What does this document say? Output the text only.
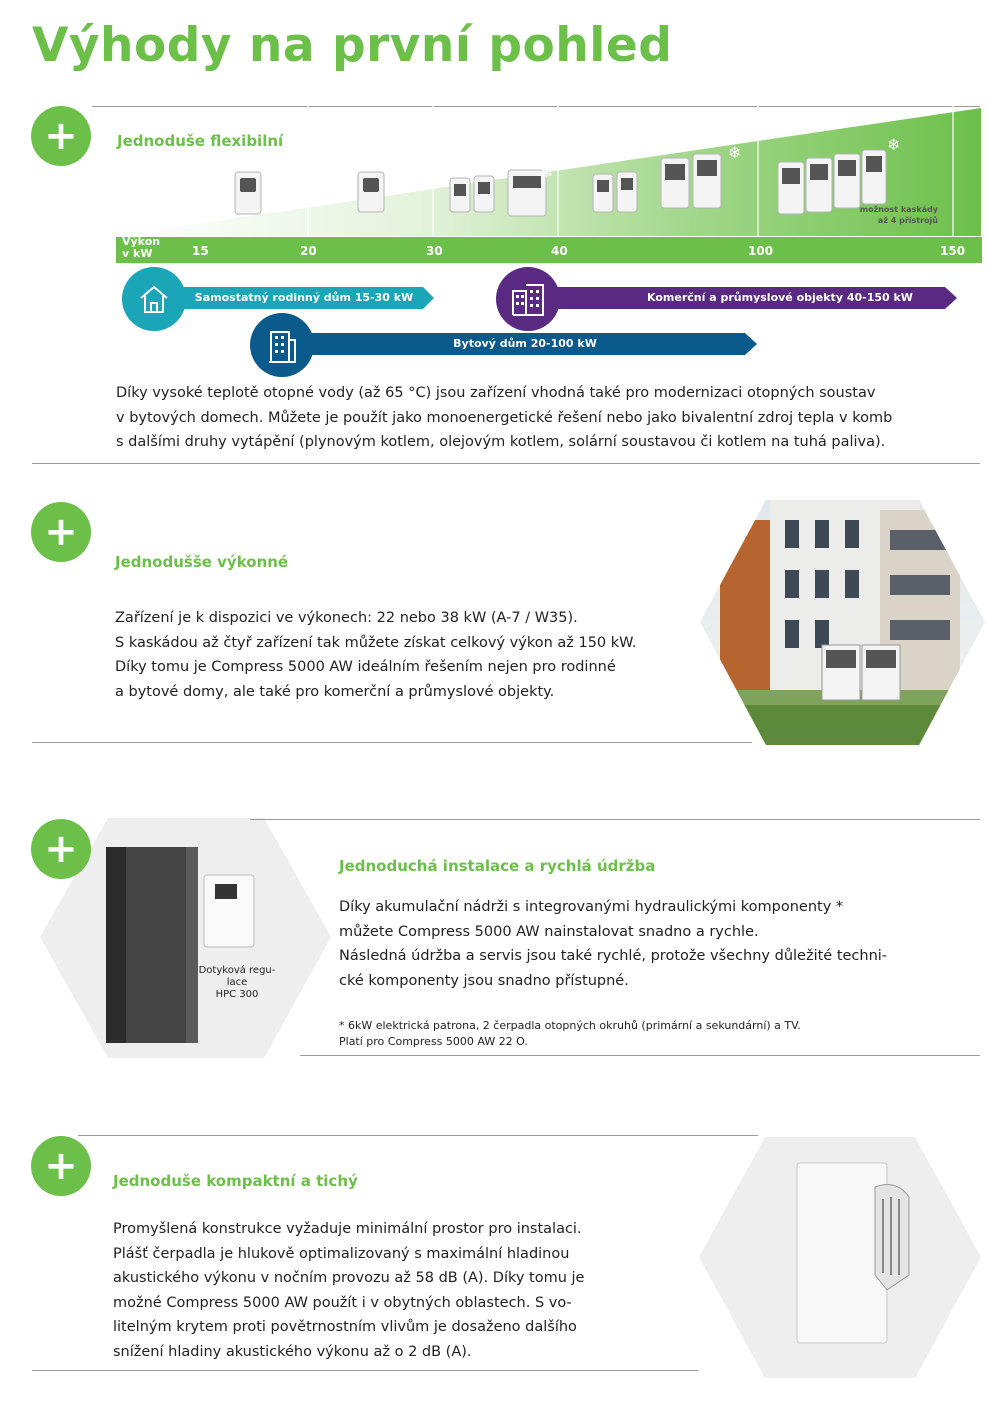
Výhody na první pohled
+	Jednoduše flexibilní
❄
❄	❄
možnost kaskády
až 4 přístrojů
Výkon
v kW	15	20	30	40	100	150
Samostatný rodinný dům 15-30 kW
Bytový dům 20-100 kW
Komerční a průmyslové objekty 40-150 kW
Díky vysoké teplotě otopné vody (až 65 °C) jsou zařízení vhodná také pro modernizaci otopných soustav
v bytových domech. Můžete je použít jako monoenergetické řešení nebo jako bivalentní zdroj tepla v komb
s dalšími druhy vytápění (plynovým kotlem, olejovým kotlem, solární soustavou či kotlem na tuhá paliva).
+
Jednodušše výkonné
Zařízení je k dispozici ve výkonech: 22 nebo 38 kW (A-7 / W35).
S kaskádou až čtyř zařízení tak můžete získat celkový výkon až 150 kW.
Díky tomu je Compress 5000 AW ideálním řešením nejen pro rodinné
a bytové domy, ale také pro komerční a průmyslové objekty.
+
Dotyková regu-
lace
HPC 300
Jednoduchá instalace a rychlá údržba
Díky akumulační nádrži s integrovanými hydraulickými komponenty *
můžete Compress 5000 AW nainstalovat snadno a rychle.
Následná údržba a servis jsou také rychlé, protože všechny důležité techni-
cké komponenty jsou snadno přístupné.
* 6kW elektrická patrona, 2 čerpadla otopných okruhů (primární a sekundární) a TV.
Platí pro Compress 5000 AW 22 O.
+	Jednoduše kompaktní a tichý
Promyšlená konstrukce vyžaduje minimální prostor pro instalaci.
Plášť čerpadla je hlukově optimalizovaný s maximální hladinou
akustického výkonu v nočním provozu až 58 dB (A). Díky tomu je
možné Compress 5000 AW použít i v obytných oblastech. S vo-
litelným krytem proti povětrnostním vlivům je dosaženo dalšího
snížení hladiny akustického výkonu až o 2 dB (A).
